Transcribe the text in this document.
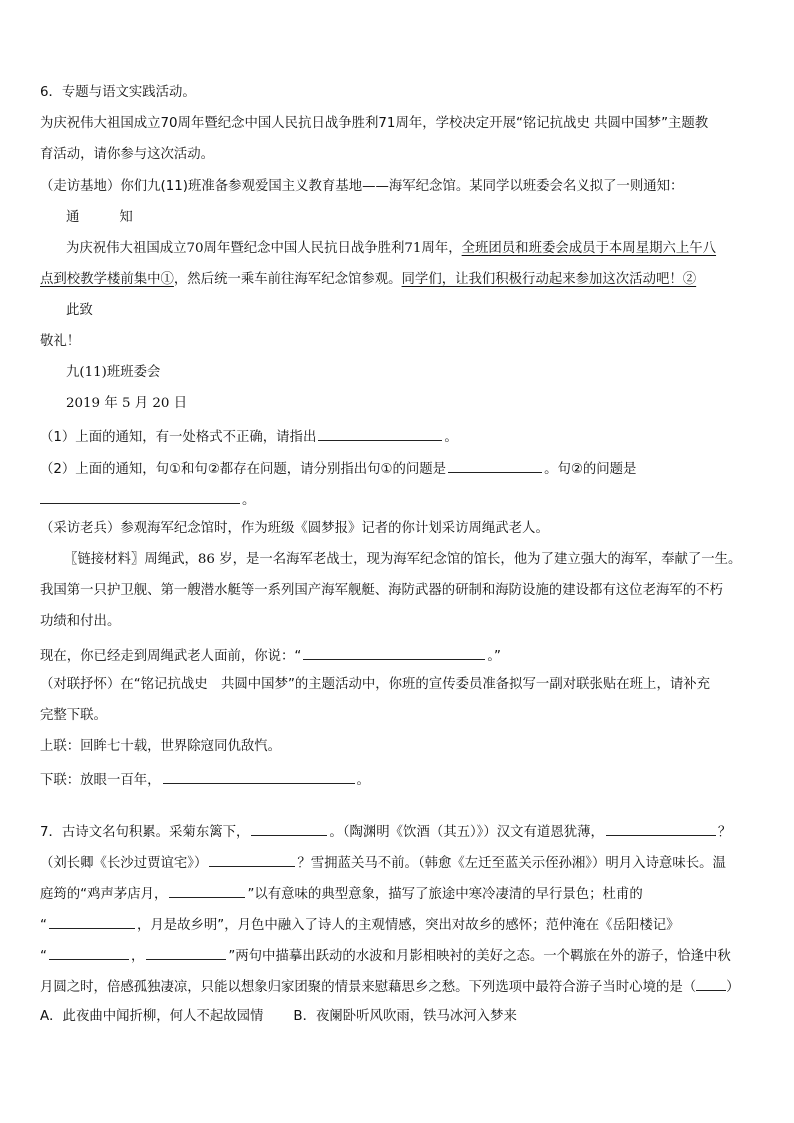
6．专题与语文实践活动。
为庆祝伟大祖国成立70周年暨纪念中国人民抗日战争胜利71周年，学校决定开展“铭记抗战史 共圆中国梦”主题教
育活动，请你参与这次活动。
（走访基地）你们九(11)班准备参观爱国主义教育基地——海军纪念馆。某同学以班委会名义拟了一则通知：
通	知
为庆祝伟大祖国成立70周年暨纪念中国人民抗日战争胜利71周年，全班团员和班委会成员于本周星期六上午八
点到校教学楼前集中①，然后统一乘车前往海军纪念馆参观。同学们，让我们积极行动起来参加这次活动吧！②
此致
敬礼！
九(11)班班委会
2019 年 5 月 20 日
（1）上面的通知，有一处格式不正确，请指出	。
（2）上面的通知，句①和句②都存在问题，请分别指出句①的问题是	。句②的问题是
。
（采访老兵）参观海军纪念馆时，作为班级《圆梦报》记者的你计划采访周绳武老人。
〖链接材料〗周绳武，86 岁，是一名海军老战士，现为海军纪念馆的馆长，他为了建立强大的海军，奉献了一生。
我国第一只护卫舰、第一艘潜水艇等一系列国产海军舰艇、海防武器的研制和海防设施的建设都有这位老海军的不朽
功绩和付出。
现在，你已经走到周绳武老人面前，你说：“	。”
（对联抒怀）在“铭记抗战史　共圆中国梦”的主题活动中，你班的宣传委员准备拟写一副对联张贴在班上，请补充
完整下联。
上联：回眸七十载，世界除寇同仇敌忾。
下联：放眼一百年，	。
7．古诗文名句积累。采菊东篱下，	。（陶渊明《饮酒（其五）》）汉文有道恩犹薄，	？
（刘长卿《长沙过贾谊宅》）	？雪拥蓝关马不前。（韩愈《左迁至蓝关示侄孙湘》）明月入诗意味长。温
庭筠的“鸡声茅店月，	”以有意味的典型意象，描写了旅途中寒冷凄清的早行景色；杜甫的
“	，月是故乡明”，月色中融入了诗人的主观情感，突出对故乡的感怀；范仲淹在《岳阳楼记》
“	，	”两句中描摹出跃动的水波和月影相映衬的美好之态。一个羁旅在外的游子，恰逢中秋
月圆之时，倍感孤独凄凉，只能以想象归家团聚的情景来慰藉思乡之愁。下列选项中最符合游子当时心境的是（ ）
A．此夜曲中闻折柳，何人不起故园情 B．夜阑卧听风吹雨，铁马冰河入梦来
